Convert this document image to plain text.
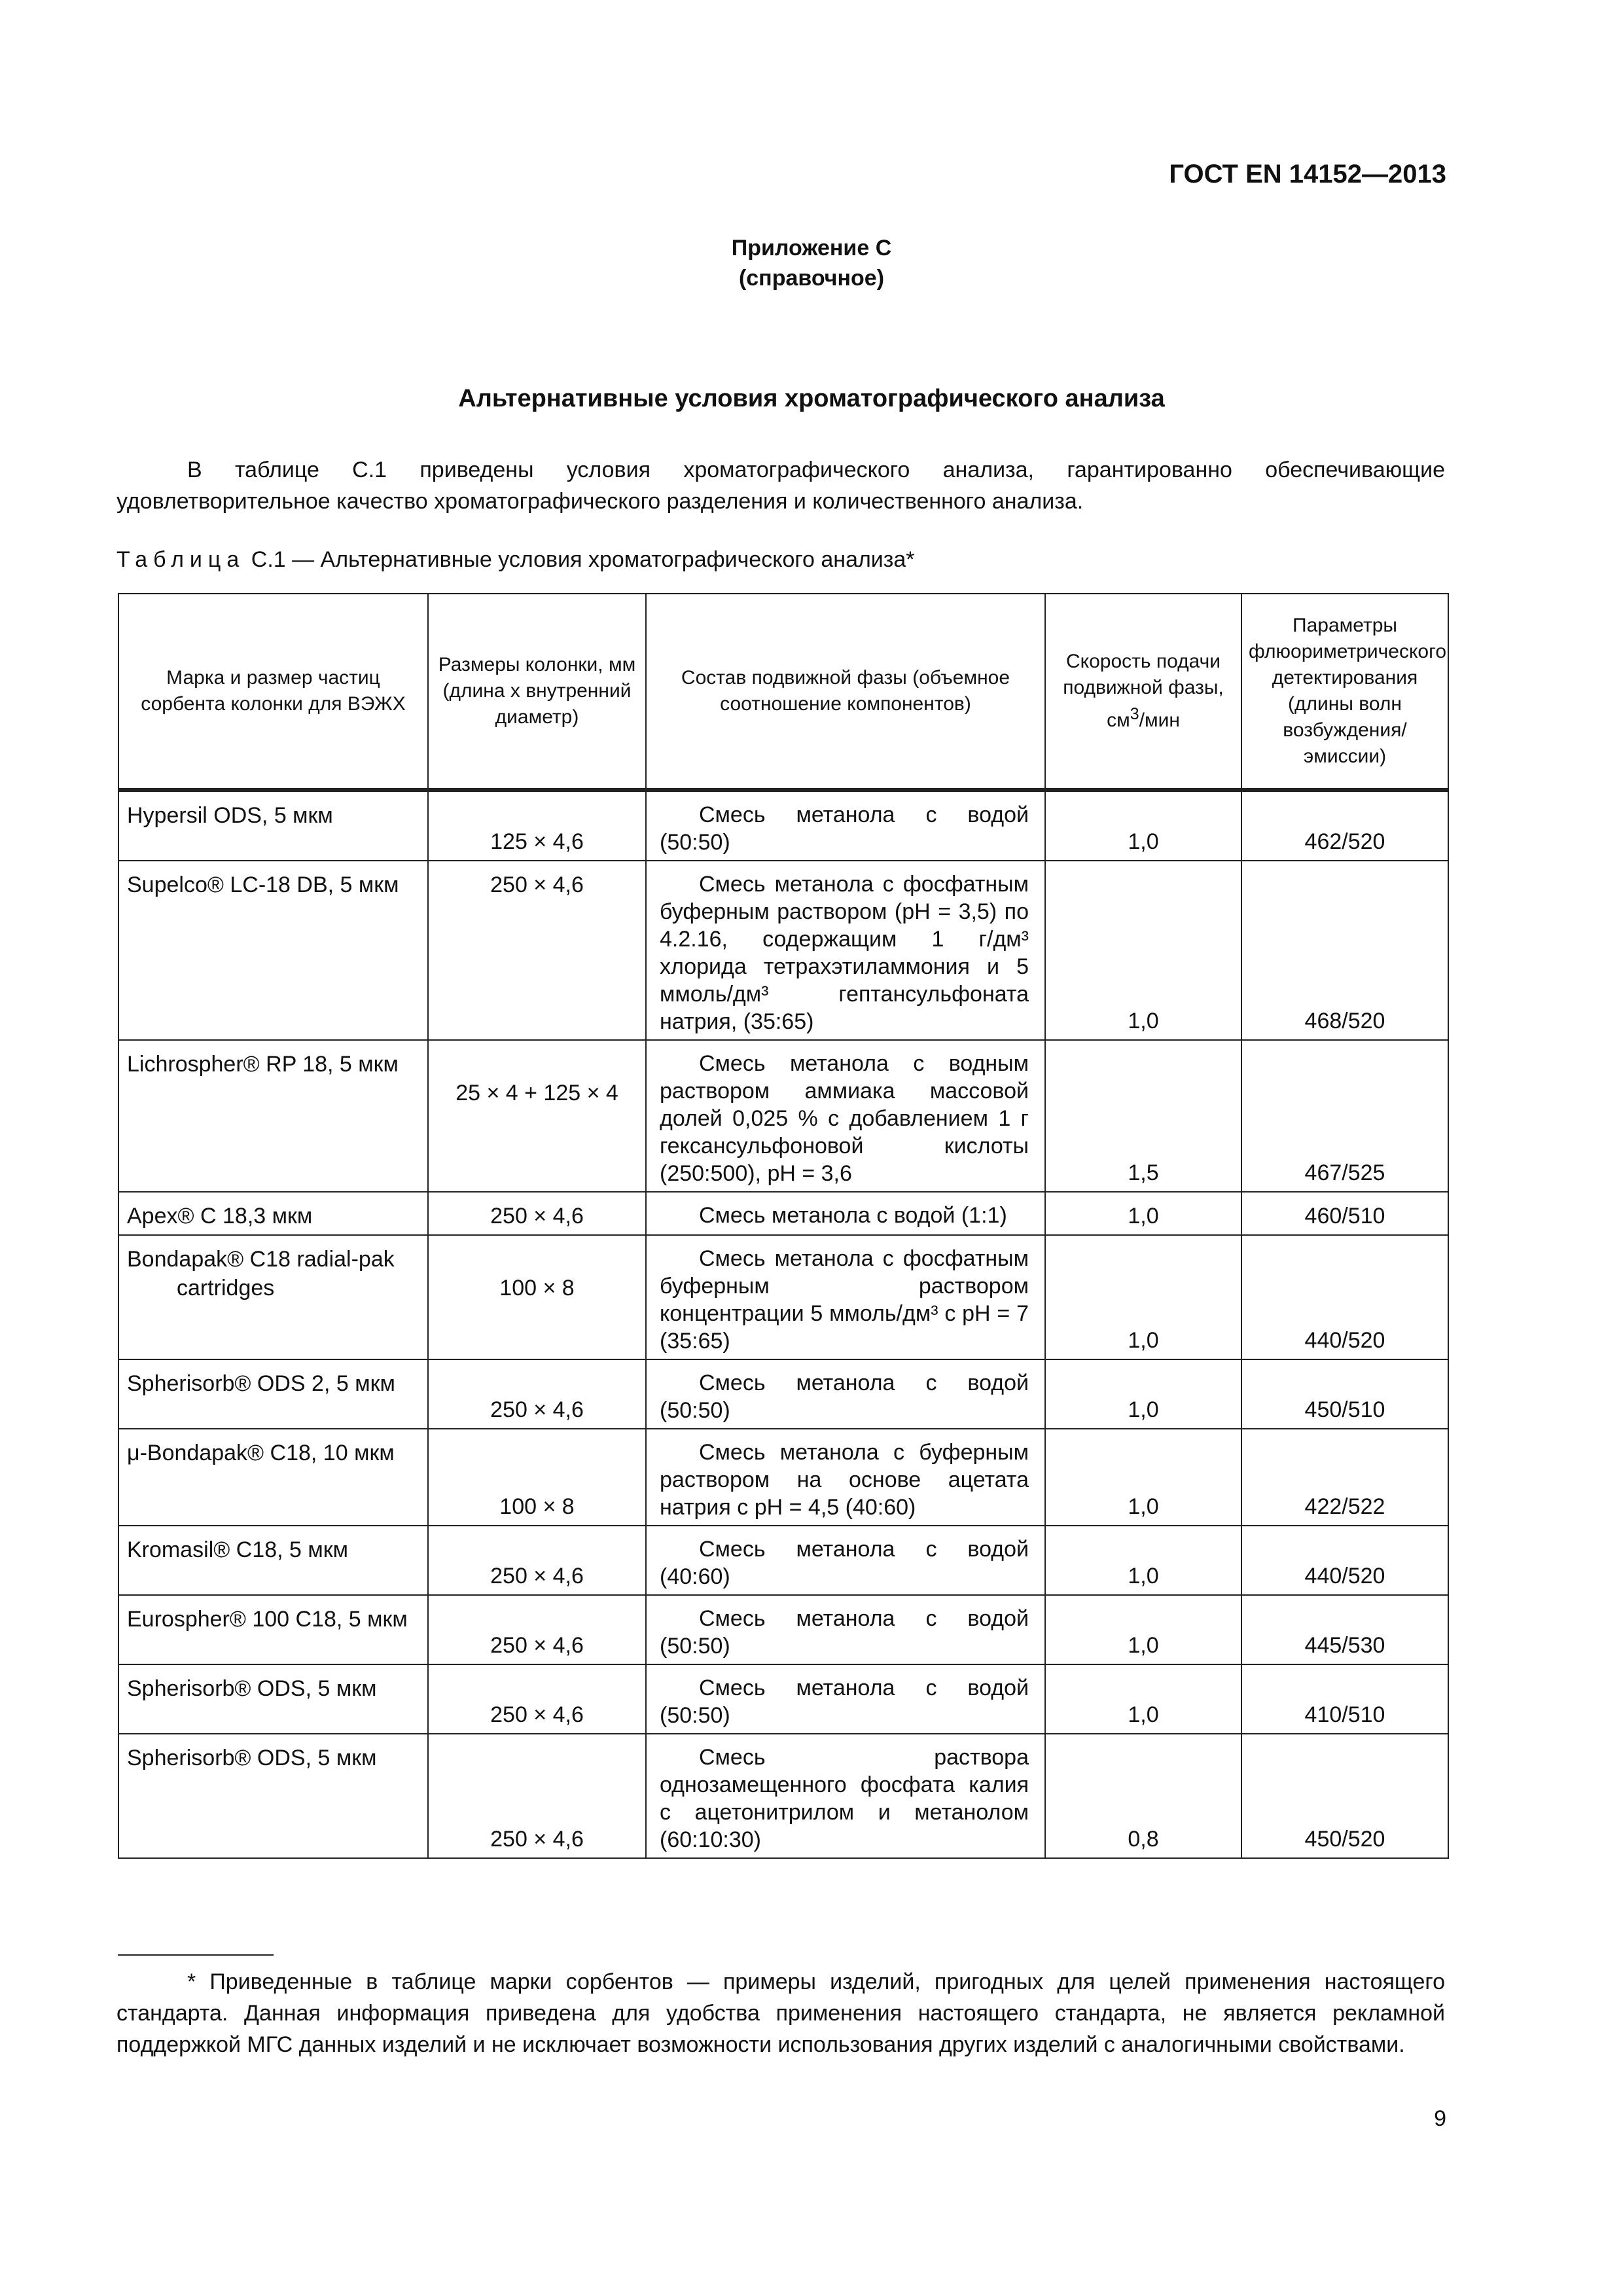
ГОСТ EN 14152—2013
Приложение С
(справочное)
Альтернативные условия хроматографического анализа

В таблице С.1 приведены условия хроматографического анализа, гарантированно обеспечивающие удовлетворительное качество хроматографического разделения и количественного анализа.

Таблица С.1 — Альтернативные условия хроматографического анализа*
Марка и размер частиц сорбента колонки для ВЭЖХ	Размеры колонки, мм (длина х внутренний диаметр)	Состав подвижной фазы (объемное соотношение компонентов)	Скорость подачи подвижной фазы, $см^3$/мин	Параметры флюориметрического детектирования (длины волн возбуждения/эмиссии)

Hypersil ODS, 5 мкм	125 × 4,6	Смесь метанола с водой (50:50)	1,0	462/520

Supelco® LC-18 DB, 5 мкм	250 × 4,6	Смесь метанола с фосфатным буферным раствором (рН = 3,5) по 4.2.16, содержащим 1 г/дм³ хлорида тетрахэтиламмония и 5 ммоль/дм³ гептансульфоната натрия, (35:65)	1,0	468/520

Lichrospher® RP 18, 5 мкм	25 × 4 + 125 × 4	Смесь метанола с водным раствором аммиака массовой долей 0,025 % с добавлением 1 г гексансульфоновой кислоты (250:500), рН = 3,6	1,5	467/525

Apex® C 18,3 мкм	250 × 4,6	Смесь метанола с водой (1:1)	1,0	460/510

Bondapak® C18 radial-pak cartridges	100 × 8	Смесь метанола с фосфатным буферным раствором концентрации 5 ммоль/дм³ с рН = 7 (35:65)	1,0	440/520

Spherisorb® ODS 2, 5 мкм	250 × 4,6	Смесь метанола с водой (50:50)	1,0	450/510

μ-Bondapak® C18, 10 мкм	100 × 8	Смесь метанола с буферным раствором на основе ацетата натрия с рН = 4,5 (40:60)	1,0	422/522

Kromasil® C18, 5 мкм	250 × 4,6	Смесь метанола с водой (40:60)	1,0	440/520

Eurospher® 100 C18, 5 мкм	250 × 4,6	Смесь метанола с водой (50:50)	1,0	445/530

Spherisorb® ODS, 5 мкм	250 × 4,6	Смесь метанола с водой (50:50)	1,0	410/510

Spherisorb® ODS, 5 мкм	250 × 4,6	Смесь раствора однозамещенного фосфата калия с ацетонитрилом и метанолом (60:10:30)	0,8	450/520

* Приведенные в таблице марки сорбентов — примеры изделий, пригодных для целей применения настоящего стандарта. Данная информация приведена для удобства применения настоящего стандарта, не является рекламной поддержкой МГС данных изделий и не исключает возможности использования других изделий с аналогичными свойствами.

9
